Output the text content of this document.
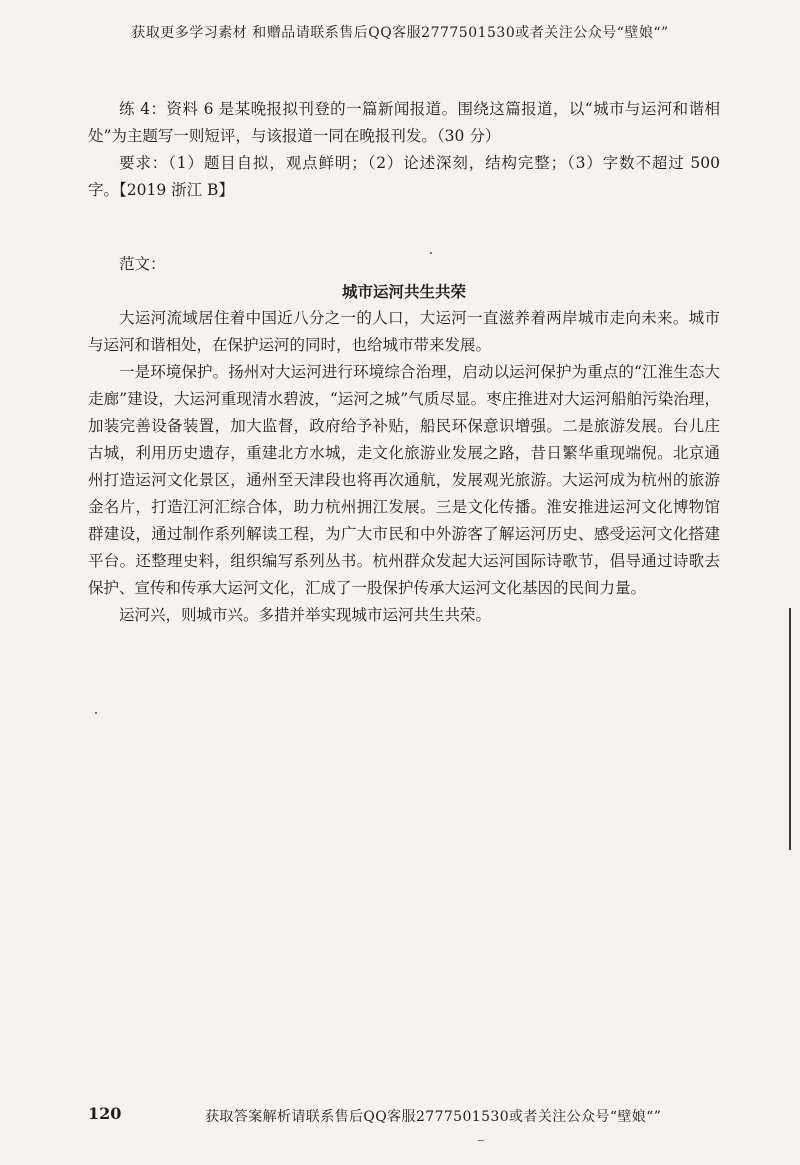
获取更多学习素材 和赠品请联系售后QQ客服2777501530或者关注公众号“壁娘“”

练 4：资料 6 是某晚报拟刊登的一篇新闻报道。围绕这篇报道，以“城市与运河和谐相处”为主题写一则短评，与该报道一同在晚报刊发。（30 分）

要求：（1）题目自拟，观点鲜明；（2）论述深刻，结构完整；（3）字数不超过 500 字。【2019 浙江 B】

范文：

城市运河共生共荣

大运河流域居住着中国近八分之一的人口，大运河一直滋养着两岸城市走向未来。城市与运河和谐相处，在保护运河的同时，也给城市带来发展。

一是环境保护。扬州对大运河进行环境综合治理，启动以运河保护为重点的“江淮生态大走廊”建设，大运河重现清水碧波，“运河之城”气质尽显。枣庄推进对大运河船舶污染治理，加装完善设备装置，加大监督，政府给予补贴，船民环保意识增强。二是旅游发展。台儿庄古城，利用历史遗存，重建北方水城，走文化旅游业发展之路，昔日繁华重现端倪。北京通州打造运河文化景区，通州至天津段也将再次通航，发展观光旅游。大运河成为杭州的旅游金名片，打造江河汇综合体，助力杭州拥江发展。三是文化传播。淮安推进运河文化博物馆群建设，通过制作系列解读工程，为广大市民和中外游客了解运河历史、感受运河文化搭建平台。还整理史料，组织编写系列丛书。杭州群众发起大运河国际诗歌节，倡导通过诗歌去保护、宣传和传承大运河文化，汇成了一股保护传承大运河文化基因的民间力量。

运河兴，则城市兴。多措并举实现城市运河共生共荣。

120	获取答案解析请联系售后QQ客服2777501530或者关注公众号“壁娘“”
